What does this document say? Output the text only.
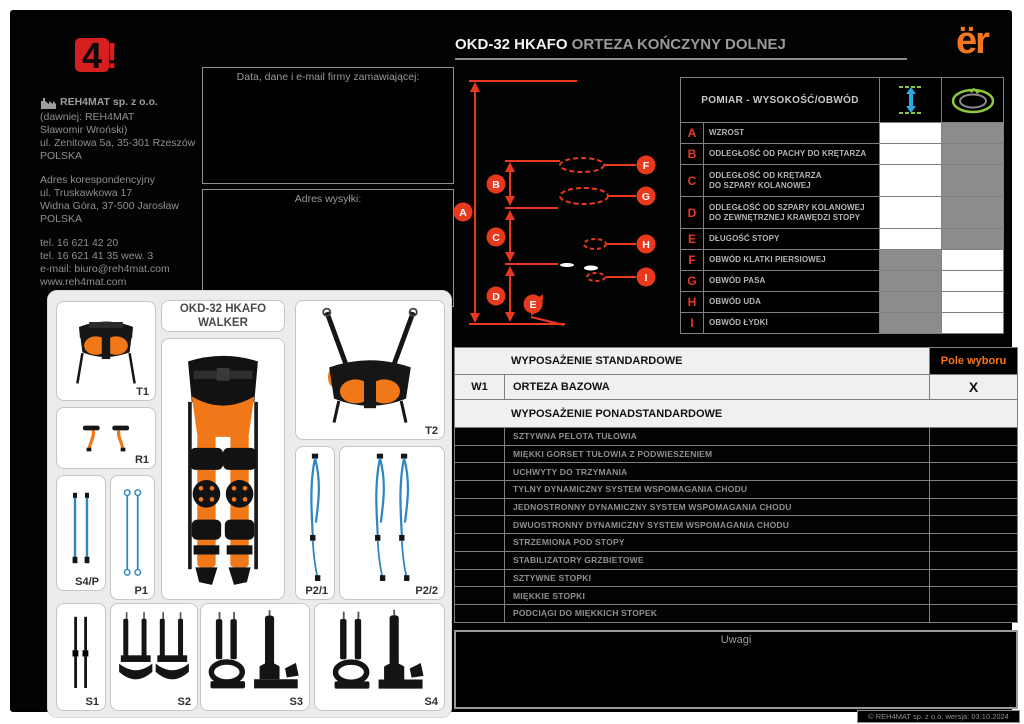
4 !
REH4MAT sp. z o.o.
(dawniej: REH4MAT
Sławomir Wroński)
ul. Zenitowa 5a, 35-301 Rzeszów
POLSKA
Adres korespondencyjny
ul. Truskawkowa 17
Widna Góra, 37-500 Jarosław
POLSKA
tel. 16 621 42 20
tel. 16 621 41 35 wew. 3
e-mail: biuro@reh4mat.com
www.reh4mat.com
Data, dane i e-mail firmy zamawiającej:
Adres wysyłki:
OKD-32 HKAFO ORTEZA KOŃCZYNY DOLNEJ	ër
A
B
C
D
E
F
G
H
I
POMIAR - WYSOKOŚĆ/OBWÓD
A	WZROST
B	ODLEGŁOŚĆ OD PACHY DO KRĘTARZA
C	ODLEGŁOŚĆ OD KRĘTARZA
DO SZPARY KOLANOWEJ
D	ODLEGŁOŚĆ OD SZPARY KOLANOWEJ
DO ZEWNĘTRZNEJ KRAWĘDZI STOPY
E	DŁUGOŚĆ STOPY
F	OBWÓD KLATKI PIERSIOWEJ
G	OBWÓD PASA
H	OBWÓD UDA
I	OBWÓD ŁYDKI
T1
R1
S4/P
P1
S1
OKD-32 HKAFO
WALKER
T2
P2/1	P2/2
S2	S3	S4
WYPOSAŻENIE STANDARDOWE	Pole wyboru
W1	ORTEZA BAZOWA	X
WYPOSAŻENIE PONADSTANDARDOWE
SZTYWNA PELOTA TUŁOWIA
MIĘKKI GORSET TUŁOWIA Z PODWIESZENIEM
UCHWYTY DO TRZYMANIA
TYLNY DYNAMICZNY SYSTEM WSPOMAGANIA CHODU
JEDNOSTRONNY DYNAMICZNY SYSTEM WSPOMAGANIA CHODU
DWUOSTRONNY DYNAMICZNY SYSTEM WSPOMAGANIA CHODU
STRZEMIONA POD STOPY
STABILIZATORY GRZBIETOWE
SZTYWNE STOPKI
MIĘKKIE STOPKI
PODCIĄGI DO MIĘKKICH STOPEK
Uwagi
© REH4MAT sp. z o.o. wersja: 03.10.2024
